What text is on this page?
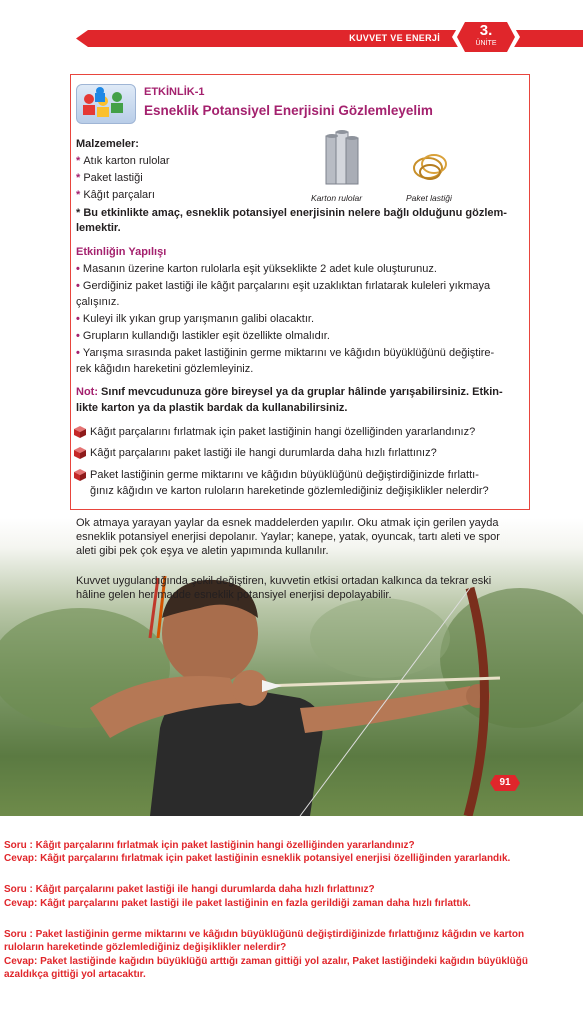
KUVVET VE ENERJİ	3.
ÜNİTE
ETKİNLİK-1
Esneklik Potansiyel Enerjisini Gözlemleyelim
Malzemeler:
* Atık karton rulolar
* Paket lastiği
* Kâğıt parçaları	Karton rulolar	Paket lastiği
* Bu etkinlikte amaç, esneklik potansiyel enerjisinin nelere bağlı olduğunu gözlem-
lemektir.
Etkinliğin Yapılışı
• Masanın üzerine karton rulolarla eşit yükseklikte 2 adet kule oluşturunuz.
• Gerdiğiniz paket lastiği ile kâğıt parçalarını eşit uzaklıktan fırlatarak kuleleri yıkmaya
çalışınız.
• Kuleyi ilk yıkan grup yarışmanın galibi olacaktır.
• Grupların kullandığı lastikler eşit özellikte olmalıdır.
• Yarışma sırasında paket lastiğinin germe miktarını ve kâğıdın büyüklüğünü değiştire-
rek kâğıdın hareketini gözlemleyiniz.
Not: Sınıf mevcudunuza göre bireysel ya da gruplar hâlinde yarışabilirsiniz. Etkin-
likte karton ya da plastik bardak da kullanabilirsiniz.
Kâğıt parçalarını fırlatmak için paket lastiğinin hangi özelliğinden yararlandınız?
Kâğıt parçalarını paket lastiği ile hangi durumlarda daha hızlı fırlattınız?
Paket lastiğinin germe miktarını ve kâğıdın büyüklüğünü değiştirdiğinizde fırlattı-
ğınız kâğıdın ve karton ruloların hareketinde gözlemlediğiniz değişiklikler nelerdir?
Ok atmaya yarayan yaylar da esnek maddelerden yapılır. Oku atmak için gerilen yayda
esneklik potansiyel enerjisi depolanır. Yaylar; kanepe, yatak, oyuncak, tartı aleti ve spor
aleti gibi pek çok eşya ve aletin yapımında kullanılır.
Kuvvet uygulandığında şekil değiştiren, kuvvetin etkisi ortadan kalkınca da tekrar eski
hâline gelen her madde esneklik potansiyel enerjisi depolayabilir.
91
Soru : Kâğıt parçalarını fırlatmak için paket lastiğinin hangi özelliğinden yararlandınız?
Cevap: Kâğıt parçalarını fırlatmak için paket lastiğinin esneklik potansiyel enerjisi özelliğinden yararlandık.
Soru : Kâğıt parçalarını paket lastiği ile hangi durumlarda daha hızlı fırlattınız?
Cevap: Kâğıt parçalarını paket lastiği ile paket lastiğinin en fazla gerildiği zaman daha hızlı fırlattık.
Soru : Paket lastiğinin germe miktarını ve kâğıdın büyüklüğünü değiştirdiğinizde fırlattığınız kâğıdın ve karton
ruloların hareketinde gözlemlediğiniz değişiklikler nelerdir?
Cevap: Paket lastiğinde kağıdın büyüklüğü arttığı zaman gittiği yol azalır, Paket lastiğindeki kağıdın büyüklüğü
azaldıkça gittiği yol artacaktır.
